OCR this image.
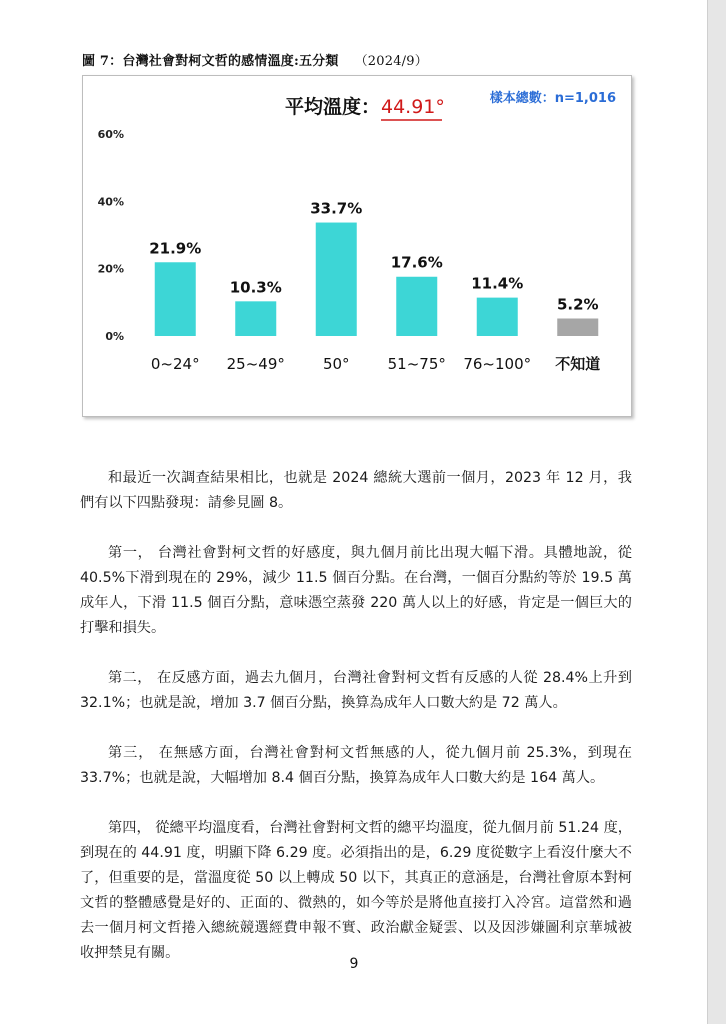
圖 7：台灣社會對柯文哲的感情溫度:五分類 （2024/9）
平均溫度： 44.91°	樣本總數：n=1,016
0%
20%
40%
60%
21.9%
10.3%
33.7%
17.6%
11.4%
5.2%
0~24° 25~49°	50°	51~75° 76~100° 不知道

和最近一次調查結果相比，也就是 2024 總統大選前一個月，2023 年 12 月，我們有以下四點發現：請參見圖 8。

第一， 台灣社會對柯文哲的好感度，與九個月前比出現大幅下滑。具體地說，從 40.5%下滑到現在的 29%，減少 11.5 個百分點。在台灣，一個百分點約等於 19.5 萬成年人，下滑 11.5 個百分點，意味憑空蒸發 220 萬人以上的好感，肯定是一個巨大的打擊和損失。

第二， 在反感方面，過去九個月，台灣社會對柯文哲有反感的人從 28.4%上升到 32.1%；也就是說，增加 3.7 個百分點，換算為成年人口數大約是 72 萬人。

第三， 在無感方面，台灣社會對柯文哲無感的人，從九個月前 25.3%，到現在 33.7%；也就是說，大幅增加 8.4 個百分點，換算為成年人口數大約是 164 萬人。

第四， 從總平均溫度看，台灣社會對柯文哲的總平均溫度，從九個月前 51.24 度，到現在的 44.91 度，明顯下降 6.29 度。必須指出的是，6.29 度從數字上看沒什麼大不了，但重要的是，當溫度從 50 以上轉成 50 以下，其真正的意涵是，台灣社會原本對柯文哲的整體感覺是好的、正面的、微熱的，如今等於是將他直接打入冷宮。這當然和過去一個月柯文哲捲入總統競選經費申報不實、政治獻金疑雲、以及因涉嫌圖利京華城被收押禁見有關。

9
